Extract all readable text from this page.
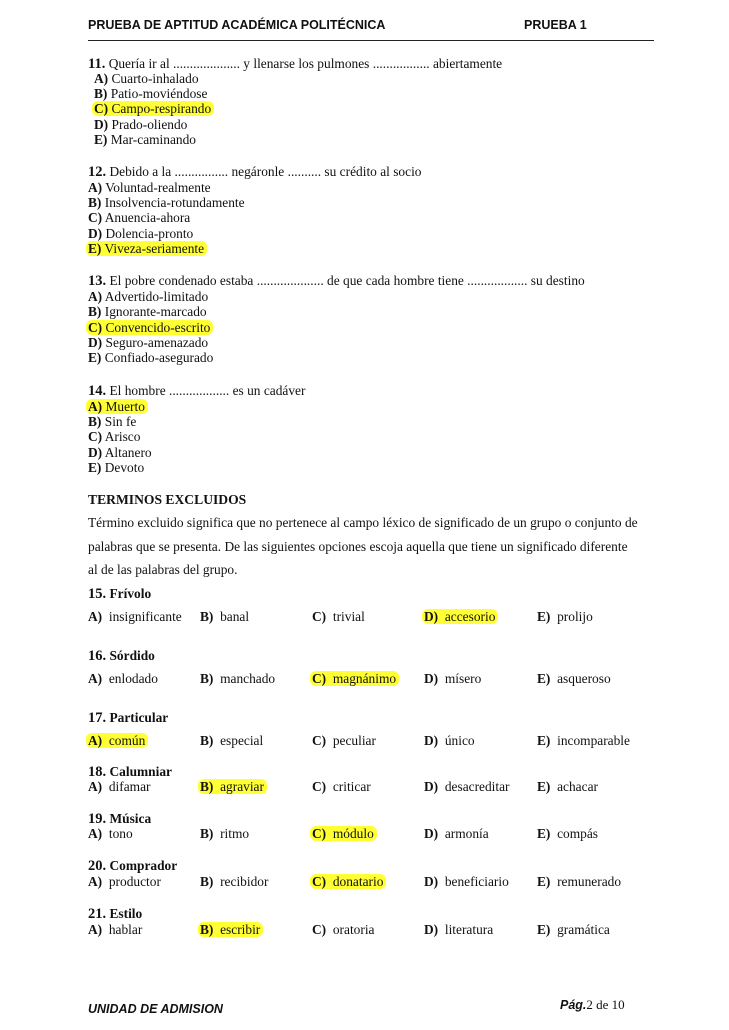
PRUEBA DE APTITUD ACADÉMICA POLITÉCNICA	PRUEBA 1
11. Quería ir al .................... y llenarse los pulmones ................. abiertamente
A) Cuarto-inhalado
B) Patio-moviéndose
C) Campo-respirando
D) Prado-oliendo
E) Mar-caminando
12. Debido a la ................ negáronle .......... su crédito al socio
A) Voluntad-realmente
B) Insolvencia-rotundamente
C) Anuencia-ahora
D) Dolencia-pronto
E) Viveza-seriamente
13. El pobre condenado estaba .................... de que cada hombre tiene .................. su destino
A) Advertido-limitado
B) Ignorante-marcado
C) Convencido-escrito
D) Seguro-amenazado
E) Confiado-asegurado
14. El hombre .................. es un cadáver
A) Muerto
B) Sin fe
C) Arisco
D) Altanero
E) Devoto
TERMINOS EXCLUIDOS
Término excluido significa que no pertenece al campo léxico de significado de un grupo o conjunto de
palabras que se presenta. De las siguientes opciones escoja aquella que tiene un significado diferente
al de las palabras del grupo.
15. Frívolo
A) insignificante B) banal	C) trivial	D) accesorio	E) prolijo
16. Sórdido
A) enlodado	B) manchado	C) magnánimo D) mísero	E) asqueroso
17. Particular
A) común	B) especial	C) peculiar	D) único	E) incomparable
18. Calumniar
A) difamar	B) agraviar	C) criticar	D) desacreditar E) achacar
19. Música
A) tono	B) ritmo	C) módulo	D) armonía	E) compás
20. Comprador
A) productor	B) recibidor	C) donatario	D) beneficiario E) remunerado
21. Estilo
A) hablar	B) escribir	C) oratoria	D) literatura	E) gramática
UNIDAD DE ADMISION	Pág.2 de 10
